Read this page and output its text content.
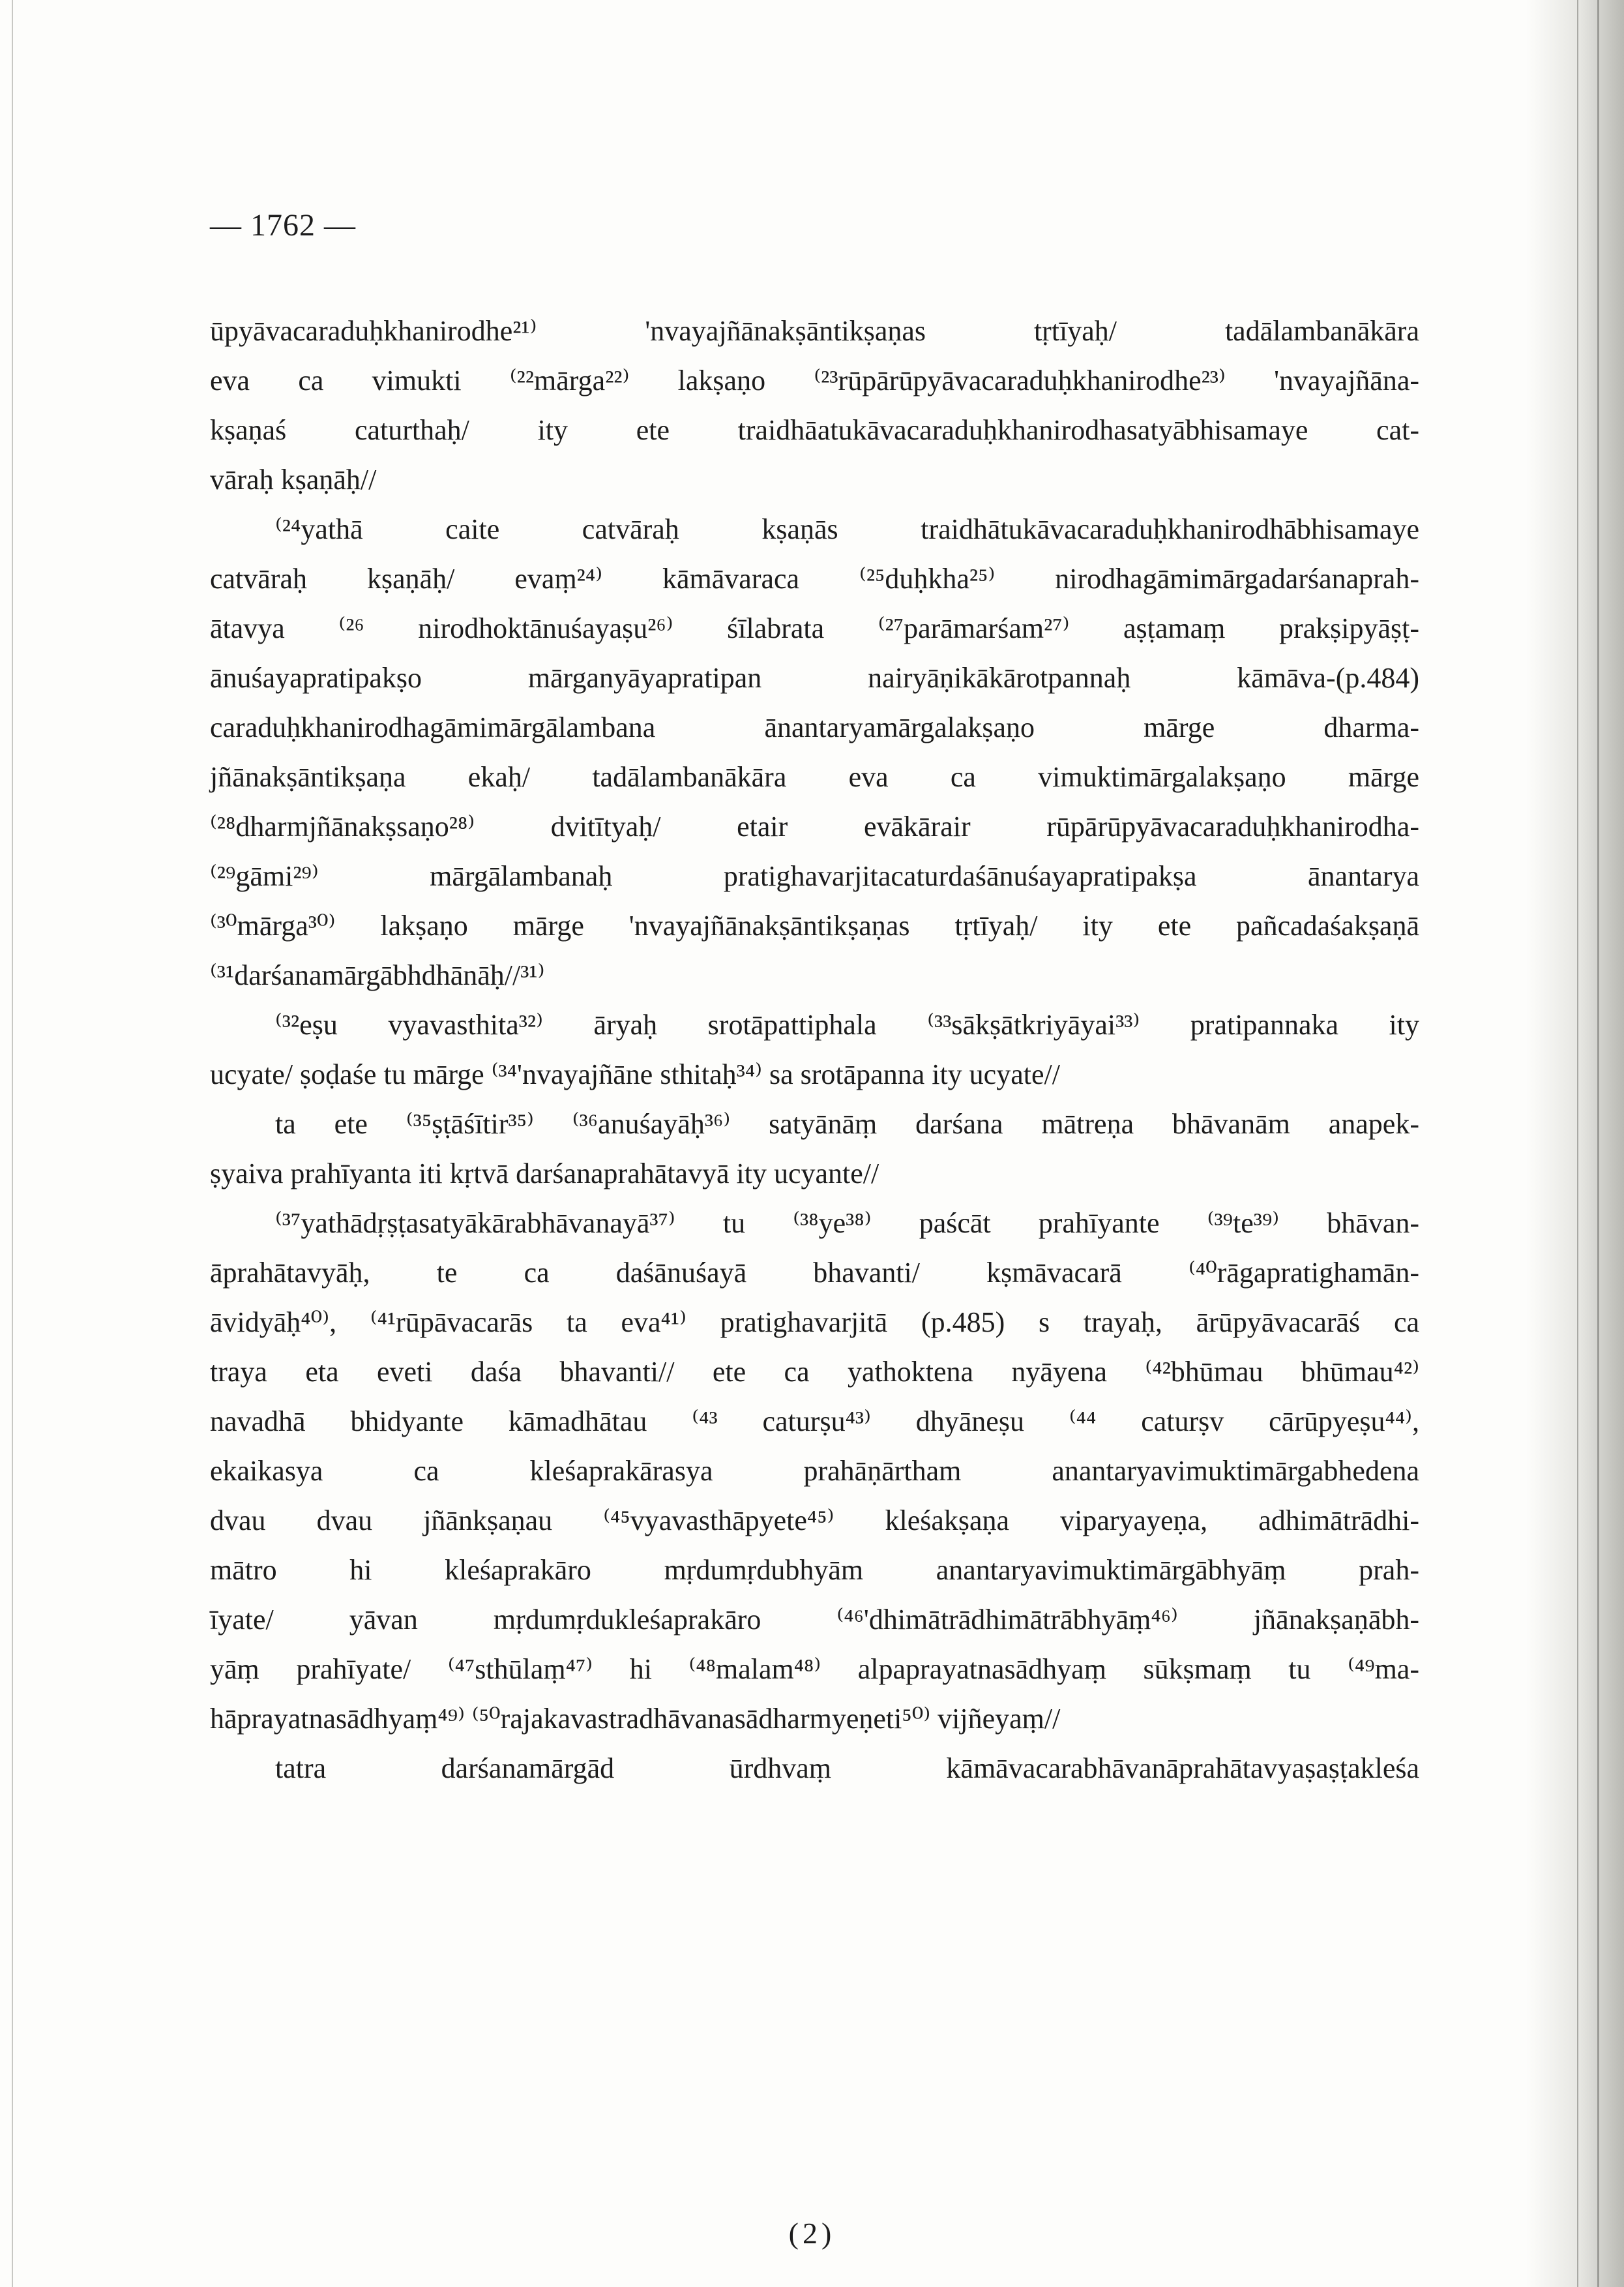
— 1762 —
ūpyāvacaraduḥkhanirodhe²¹⁾ 'nvayajñānakṣāntikṣaṇas tṛtīyaḥ/ tadālambanākāra
eva ca vimukti ⁽²²mārga²²⁾ lakṣaṇo ⁽²³rūpārūpyāvacaraduḥkhanirodhe²³⁾ 'nvayajñāna-
kṣaṇaś caturthaḥ/ ity ete traidhāatukāvacaraduḥkhanirodhasatyābhisamaye cat-
vāraḥ kṣaṇāḥ//
⁽²⁴yathā caite catvāraḥ kṣaṇās traidhātukāvacaraduḥkhanirodhābhisamaye
catvāraḥ kṣaṇāḥ/ evaṃ²⁴⁾ kāmāvaraca ⁽²⁵duḥkha²⁵⁾ nirodhagāmimārgadarśanaprah-
ātavya ⁽²⁶ nirodhoktānuśayaṣu²⁶⁾ śīlabrata ⁽²⁷parāmarśam²⁷⁾ aṣṭamaṃ prakṣipyāṣṭ-
ānuśayapratipakṣo mārganyāyapratipan nairyāṇikākārotpannaḥ kāmāva-(p.484)
caraduḥkhanirodhagāmimārgālambana ānantaryamārgalakṣaṇo mārge dharma-
jñānakṣāntikṣaṇa ekaḥ/ tadālambanākāra eva ca vimuktimārgalakṣaṇo mārge
⁽²⁸dharmjñānakṣsaṇo²⁸⁾ dvitītyaḥ/ etair evākārair rūpārūpyāvacaraduḥkhanirodha-
⁽²⁹gāmi²⁹⁾ mārgālambanaḥ pratighavarjitacaturdaśānuśayapratipakṣa ānantarya
⁽³⁰mārga³⁰⁾ lakṣaṇo mārge 'nvayajñānakṣāntikṣaṇas tṛtīyaḥ/ ity ete pañcadaśakṣaṇā
⁽³¹darśanamārgābhdhānāḥ//³¹⁾
⁽³²eṣu vyavasthita³²⁾ āryaḥ srotāpattiphala ⁽³³sākṣātkriyāyai³³⁾ pratipannaka ity
ucyate/ ṣoḍaśe tu mārge ⁽³⁴'nvayajñāne sthitaḥ³⁴⁾ sa srotāpanna ity ucyate//
ta ete ⁽³⁵ṣṭāśītir³⁵⁾ ⁽³⁶anuśayāḥ³⁶⁾ satyānāṃ darśana mātreṇa bhāvanām anapek-
ṣyaiva prahīyanta iti kṛtvā darśanaprahātavyā ity ucyante//
⁽³⁷yathādṛṣṭasatyākārabhāvanayā³⁷⁾ tu ⁽³⁸ye³⁸⁾ paścāt prahīyante ⁽³⁹te³⁹⁾ bhāvan-
āprahātavyāḥ, te ca daśānuśayā bhavanti/ kṣmāvacarā ⁽⁴⁰rāgapratighamān-
āvidyāḥ⁴⁰⁾, ⁽⁴¹rūpāvacarās ta eva⁴¹⁾ pratighavarjitā (p.485) s trayaḥ, ārūpyāvacarāś ca
traya eta eveti daśa bhavanti// ete ca yathoktena nyāyena ⁽⁴²bhūmau bhūmau⁴²⁾
navadhā bhidyante kāmadhātau ⁽⁴³ caturṣu⁴³⁾ dhyāneṣu ⁽⁴⁴ caturṣv cārūpyeṣu⁴⁴⁾,
ekaikasya ca kleśaprakārasya prahāṇārtham anantaryavimuktimārgabhedena
dvau dvau jñānkṣaṇau ⁽⁴⁵vyavasthāpyete⁴⁵⁾ kleśakṣaṇa viparyayeṇa, adhimātrādhi-
mātro hi kleśaprakāro mṛdumṛdubhyām anantaryavimuktimārgābhyāṃ prah-
īyate/ yāvan mṛdumṛdukleśaprakāro ⁽⁴⁶'dhimātrādhimātrābhyāṃ⁴⁶⁾ jñānakṣaṇābh-
yāṃ prahīyate/ ⁽⁴⁷sthūlaṃ⁴⁷⁾ hi ⁽⁴⁸malam⁴⁸⁾ alpaprayatnasādhyaṃ sūkṣmaṃ tu ⁽⁴⁹ma-
hāprayatnasādhyaṃ⁴⁹⁾ ⁽⁵⁰rajakavastradhāvanasādharmyeṇeti⁵⁰⁾ vijñeyaṃ//
tatra darśanamārgād ūrdhvaṃ kāmāvacarabhāvanāprahātavyaṣaṣṭakleśa
(2)
